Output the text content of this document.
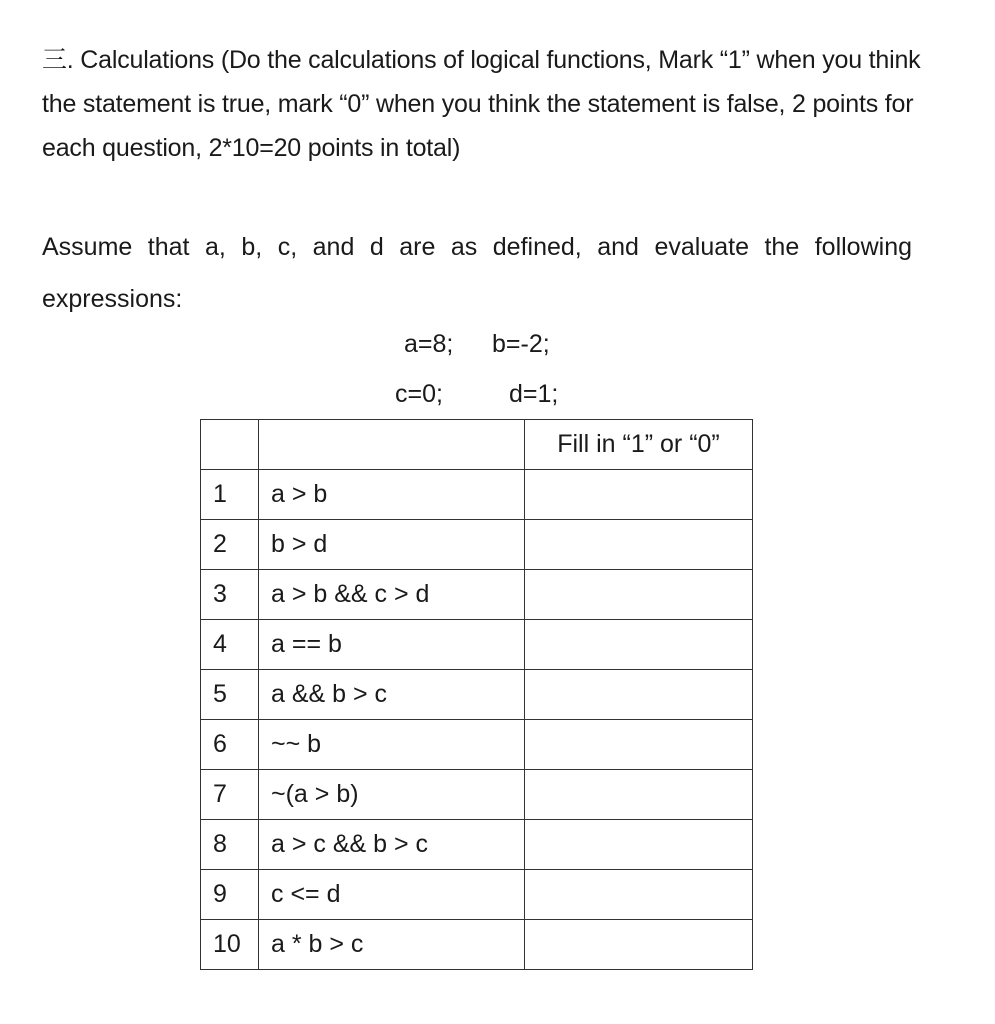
三. Calculations (Do the calculations of logical functions, Mark “1” when you think the statement is true, mark “0” when you think the statement is false, 2 points for each question, 2*10=20 points in total)
Assume that a, b, c, and d are as defined, and evaluate the following
expressions:
a=8; b=-2;
c=0;	d=1;
		Fill in “1” or “0”
1	a > b	
2	b > d	
3	a > b && c > d	
4	a == b	
5	a && b > c	
6	~~ b	
7	~(a > b)	
8	a > c && b > c	
9	c <= d	
10	a * b > c	
